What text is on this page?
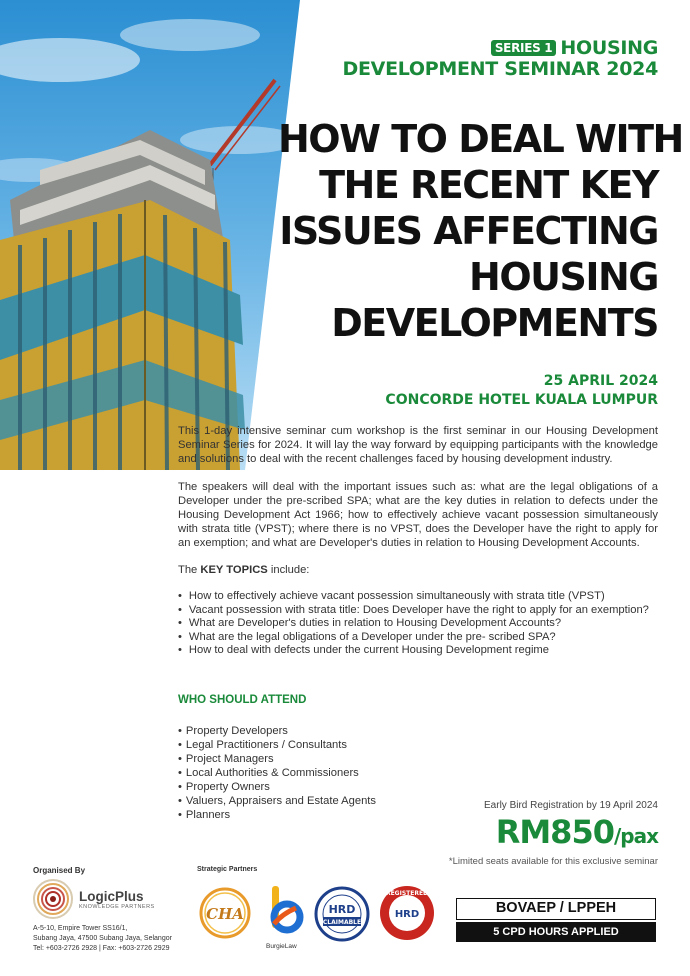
SERIES 1 HOUSING
DEVELOPMENT SEMINAR 2024
HOW TO DEAL WITH
THE RECENT KEY
ISSUES AFFECTING
HOUSING
DEVELOPMENTS
25 APRIL 2024
CONCORDE HOTEL KUALA LUMPUR
This 1-day intensive seminar cum workshop is the first seminar in our Housing Development Seminar Series for 2024. It will lay the way forward by equipping participants with the knowledge and solutions to deal with the recent challenges faced by housing development industry.
The speakers will deal with the important issues such as: what are the legal obligations of a Developer under the pre-scribed SPA; what are the key duties in relation to defects under the Housing Development Act 1966; how to effectively achieve vacant possession simultaneously with strata title (VPST); where there is no VPST, does the Developer have the right to apply for an exemption; and what are Developer's duties in relation to Housing Development Accounts.
The KEY TOPICS include:
• How to effectively achieve vacant possession simultaneously with strata title (VPST)
• Vacant possession with strata title: Does Developer have the right to apply for an exemption?
• What are Developer's duties in relation to Housing Development Accounts?
• What are the legal obligations of a Developer under the pre- scribed SPA?
• How to deal with defects under the current Housing Development regime
WHO SHOULD ATTEND
• Property Developers
• Legal Practitioners / Consultants
• Project Managers
• Local Authorities & Commissioners
• Property Owners
• Valuers, Appraisers and Estate Agents
• Planners
Early Bird Registration by 19 April 2024
RM850/pax
*Limited seats available for this exclusive seminar
Organised By
LogicPlus
KNOWLEDGE PARTNERS
A-5-10, Empire Tower SS16/1,
Subang Jaya, 47500 Subang Jaya, Selangor
Tel: +603-2726 2928 | Fax: +603-2726 2929
Strategic Partners
CHA
BurgieLaw
HRD
CLAIMABLE
REGISTERED
HRD	BOVAEP / LPPEH
5 CPD HOURS APPLIED
